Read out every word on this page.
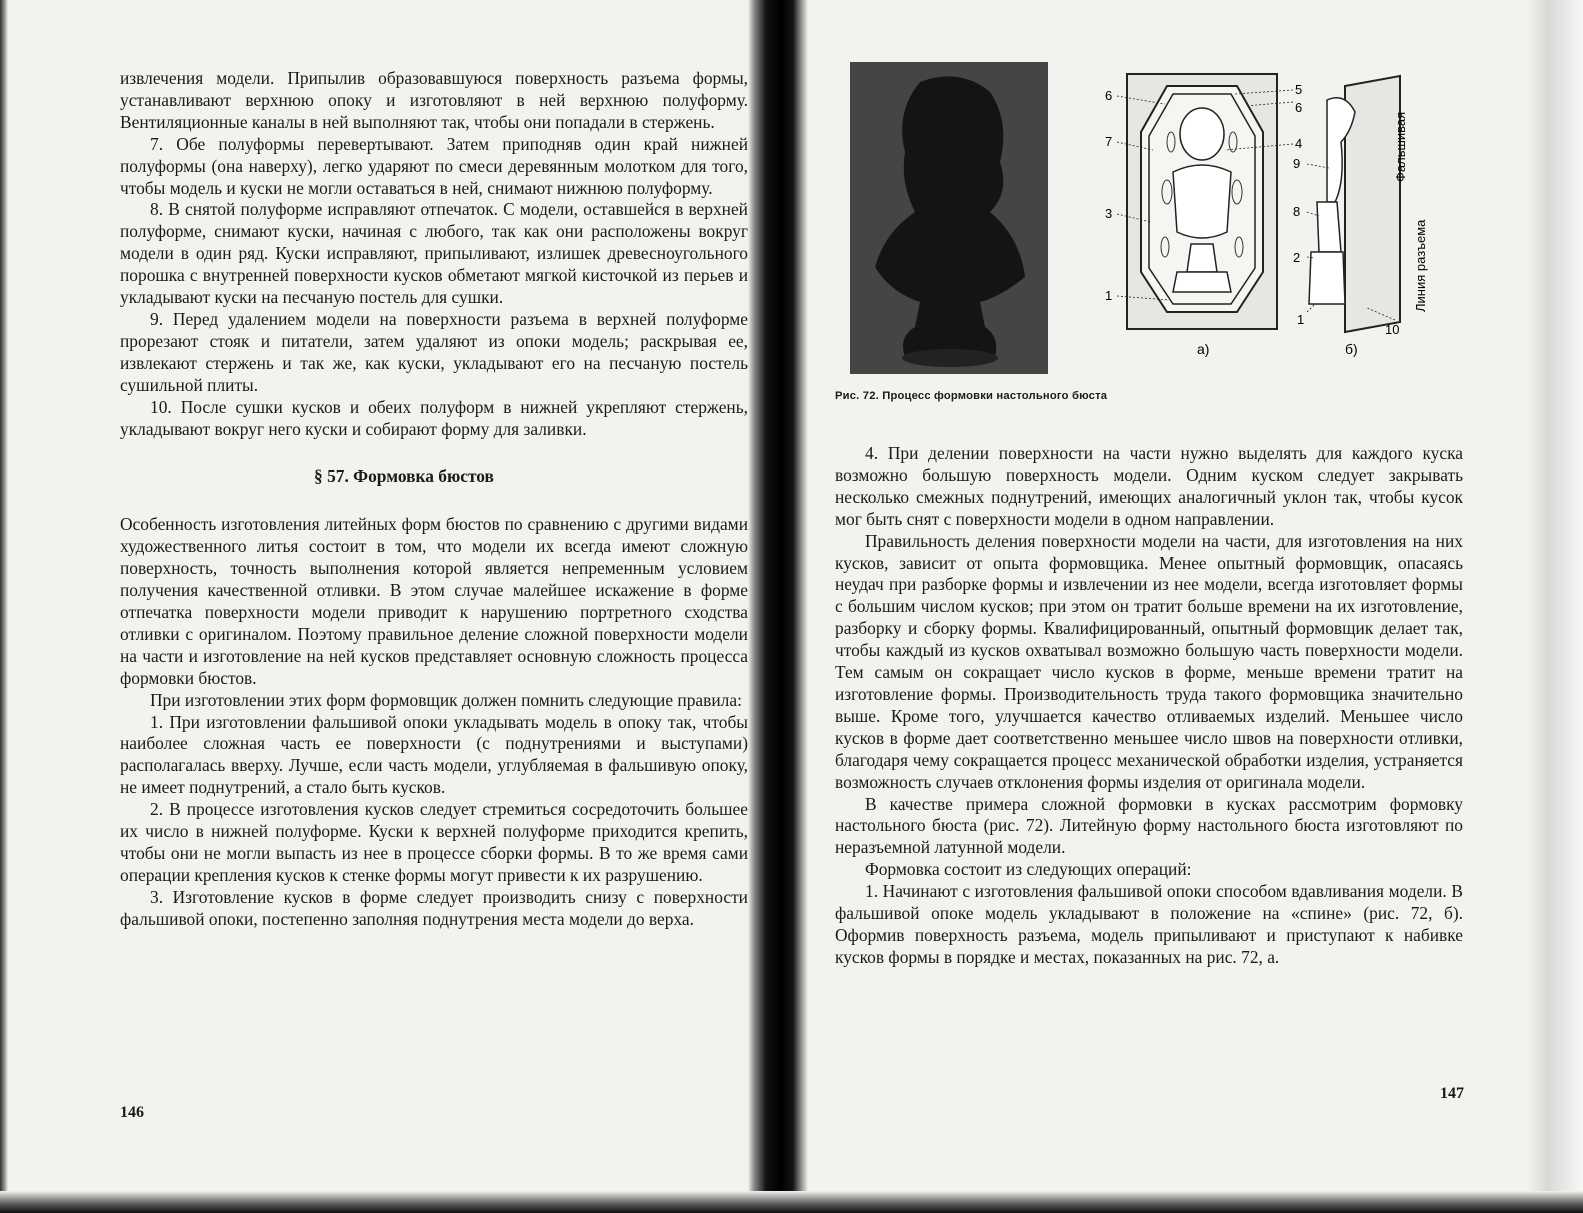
извлечения модели. Припылив образовавшуюся поверхность разъема формы, устанавливают верхнюю опоку и изготовляют в ней верхнюю полуформу. Вентиляционные каналы в ней выполняют так, чтобы они попадали в стержень.

7. Обе полуформы перевертывают. Затем приподняв один край нижней полуформы (она наверху), легко ударяют по смеси деревянным молотком для того, чтобы модель и куски не могли оставаться в ней, снимают нижнюю полуформу.

8. В снятой полуформе исправляют отпечаток. С модели, оставшейся в верхней полуформе, снимают куски, начиная с любого, так как они расположены вокруг модели в один ряд. Куски исправляют, припыливают, излишек древесноугольного порошка с внутренней поверхности кусков обметают мягкой кисточкой из перьев и укладывают куски на песчаную постель для сушки.

9. Перед удалением модели на поверхности разъема в верхней полуформе прорезают стояк и питатели, затем удаляют из опоки модель; раскрывая ее, извлекают стержень и так же, как куски, укладывают его на песчаную постель сушильной плиты.

10. После сушки кусков и обеих полуформ в нижней укрепляют стержень, укладывают вокруг него куски и собирают форму для заливки.

§ 57. Формовка бюстов

Особенность изготовления литейных форм бюстов по сравнению с другими видами художественного литья состоит в том, что модели их всегда имеют сложную поверхность, точность выполнения которой является непременным условием получения качественной отливки. В этом случае малейшее искажение в форме отпечатка поверхности модели приводит к нарушению портретного сходства отливки с оригиналом. Поэтому правильное деление сложной поверхности модели на части и изготовление на ней кусков представляет основную сложность процесса формовки бюстов.

При изготовлении этих форм формовщик должен помнить следующие правила:

1. При изготовлении фальшивой опоки укладывать модель в опоку так, чтобы наиболее сложная часть ее поверхности (с поднутрениями и выступами) располагалась вверху. Лучше, если часть модели, углубляемая в фальшивую опоку, не имеет поднутрений, а стало быть кусков.

2. В процессе изготовления кусков следует стремиться сосредоточить большее их число в нижней полуформе. Куски к верхней полуформе приходится крепить, чтобы они не могли выпасть из нее в процессе сборки формы. В то же время сами операции крепления кусков к стенке формы могут привести к их разрушению.

3. Изготовление кусков в форме следует производить снизу с поверхности фальшивой опоки, постепенно заполняя поднутрения места модели до верха.

146
6
7
3
1
5
6
4
а)
9
8
2
1
10
б)
Фальшивая
Линия разъема
Рис. 72. Процесс формовки настольного бюста

4. При делении поверхности на части нужно выделять для каждого куска возможно большую поверхность модели. Одним куском следует закрывать несколько смежных поднутрений, имеющих аналогичный уклон так, чтобы кусок мог быть снят с поверхности модели в одном направлении.

Правильность деления поверхности модели на части, для изготовления на них кусков, зависит от опыта формовщика. Менее опытный формовщик, опасаясь неудач при разборке формы и извлечении из нее модели, всегда изготовляет формы с большим числом кусков; при этом он тратит больше времени на их изготовление, разборку и сборку формы. Квалифицированный, опытный формовщик делает так, чтобы каждый из кусков охватывал возможно большую часть поверхности модели. Тем самым он сокращает число кусков в форме, меньше времени тратит на изготовление формы. Производительность труда такого формовщика значительно выше. Кроме того, улучшается качество отливаемых изделий. Меньшее число кусков в форме дает соответственно меньшее число швов на поверхности отливки, благодаря чему сокращается процесс механической обработки изделия, устраняется возможность случаев отклонения формы изделия от оригинала модели.

В качестве примера сложной формовки в кусках рассмотрим формовку настольного бюста (рис. 72). Литейную форму настольного бюста изготовляют по неразъемной латунной модели.

Формовка состоит из следующих операций:

1. Начинают с изготовления фальшивой опоки способом вдавливания модели. В фальшивой опоке модель укладывают в положение на «спине» (рис. 72, б). Оформив поверхность разъема, модель припыливают и приступают к набивке кусков формы в порядке и местах, показанных на рис. 72, а.

147
